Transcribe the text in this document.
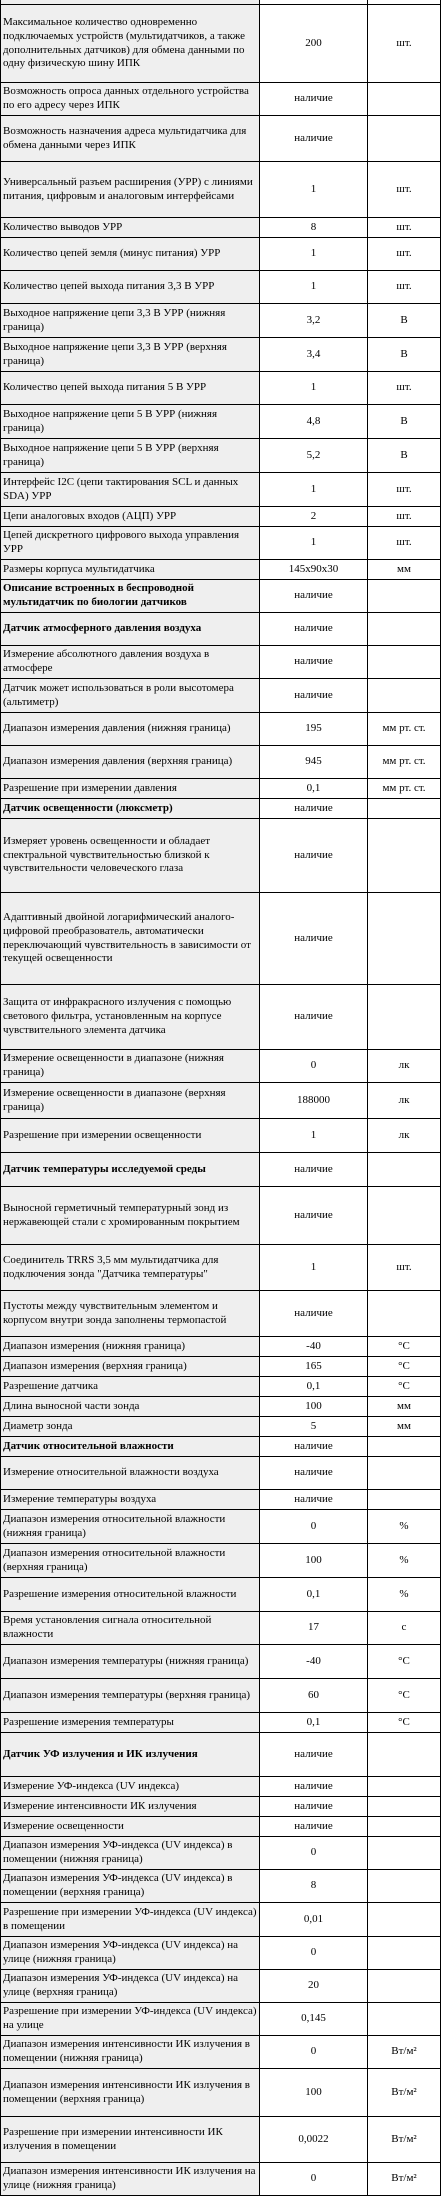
Максимальное количество одновременно подключаемых устройств (мультидатчиков, а также дополнительных датчиков) для обмена данными по одну физическую шину ИПК	200	шт.
Возможность опроса данных отдельного устройства по его адресу через ИПК	наличие	
Возможность назначения адреса мультидатчика для обмена данными через ИПК	наличие	
Универсальный разъем расширения (УРР) с линиями питания, цифровым и аналоговым интерфейсами	1	шт.
Количество выводов УРР	8	шт.
Количество цепей земля (минус питания) УРР	1	шт.
Количество цепей выхода питания 3,3 В УРР	1	шт.
Выходное напряжение цепи 3,3 В УРР (нижняя граница)	3,2	В
Выходное напряжение цепи 3,3 В УРР (верхняя граница)	3,4	В
Количество цепей выхода питания 5 В УРР	1	шт.
Выходное напряжение цепи 5 В УРР (нижняя граница)	4,8	В
Выходное напряжение цепи 5 В УРР (верхняя граница)	5,2	В
Интерфейс I2C (цепи тактирования SCL и данных SDA) УРР	1	шт.
Цепи аналоговых входов (АЦП) УРР	2	шт.
Цепей дискретного цифрового выхода управления УРР	1	шт.
Размеры корпуса мультидатчика	145x90x30	мм
Описание встроенных в беспроводной мультидатчик по биологии датчиков	наличие	
Датчик атмосферного давления воздуха	наличие	
Измерение абсолютного давления воздуха в атмосфере	наличие	
Датчик может использоваться в роли высотомера (альтиметр)	наличие	
Диапазон измерения давления (нижняя граница)	195	мм рт. ст.
Диапазон измерения давления (верхняя граница)	945	мм рт. ст.
Разрешение при измерении давления	0,1	мм рт. ст.
Датчик освещенности (люксметр)	наличие	
Измеряет уровень освещенности и обладает спектральной чувствительностью близкой к чувствительности человеческого глаза	наличие	
Адаптивный двойной логарифмический аналого-цифровой преобразователь, автоматически переключающий чувствительность в зависимости от текущей освещенности	наличие	
Защита от инфракрасного излучения с помощью светового фильтра, установленным на корпусе чувствительного элемента датчика	наличие	
Измерение освещенности в диапазоне (нижняя граница)	0	лк
Измерение освещенности в диапазоне (верхняя граница)	188000	лк
Разрешение при измерении освещенности	1	лк
Датчик температуры исследуемой среды	наличие	
Выносной герметичный температурный зонд из нержавеющей стали с хромированным покрытием	наличие	
Соединитель TRRS 3,5 мм мультидатчика для подключения зонда "Датчика температуры"	1	шт.
Пустоты между чувствительным элементом и корпусом внутри зонда заполнены термопастой	наличие	
Диапазон измерения (нижняя граница)	-40	°C
Диапазон измерения (верхняя граница)	165	°C
Разрешение датчика	0,1	°C
Длина выносной части зонда	100	мм
Диаметр зонда	5	мм
Датчик относительной влажности	наличие	
Измерение относительной влажности воздуха	наличие	
Измерение температуры воздуха	наличие	
Диапазон измерения относительной влажности (нижняя граница)	0	%
Диапазон измерения относительной влажности (верхняя граница)	100	%
Разрешение измерения относительной влажности	0,1	%
Время установления сигнала относительной влажности	17	с
Диапазон измерения температуры (нижняя граница)	-40	°C
Диапазон измерения температуры (верхняя граница)	60	°C
Разрешение измерения температуры	0,1	°C
Датчик УФ излучения и ИК излучения	наличие	
Измерение УФ-индекса (UV индекса)	наличие	
Измерение интенсивности ИК излучения	наличие	
Измерение освещенности	наличие	
Диапазон измерения УФ-индекса (UV индекса) в помещении (нижняя граница)	0	
Диапазон измерения УФ-индекса (UV индекса) в помещении (верхняя граница)	8	
Разрешение при измерении УФ-индекса (UV индекса) в помещении	0,01	
Диапазон измерения УФ-индекса (UV индекса) на улице (нижняя граница)	0	
Диапазон измерения УФ-индекса (UV индекса) на улице (верхняя граница)	20	
Разрешение при измерении УФ-индекса (UV индекса) на улице	0,145	
Диапазон измерения интенсивности ИК излучения в помещении (нижняя граница)	0	Вт/м²
Диапазон измерения интенсивности ИК излучения в помещении (верхняя граница)	100	Вт/м²
Разрешение при измерении интенсивности ИК излучения в помещении	0,0022	Вт/м²
Диапазон измерения интенсивности ИК излучения на улице (нижняя граница)	0	Вт/м²
